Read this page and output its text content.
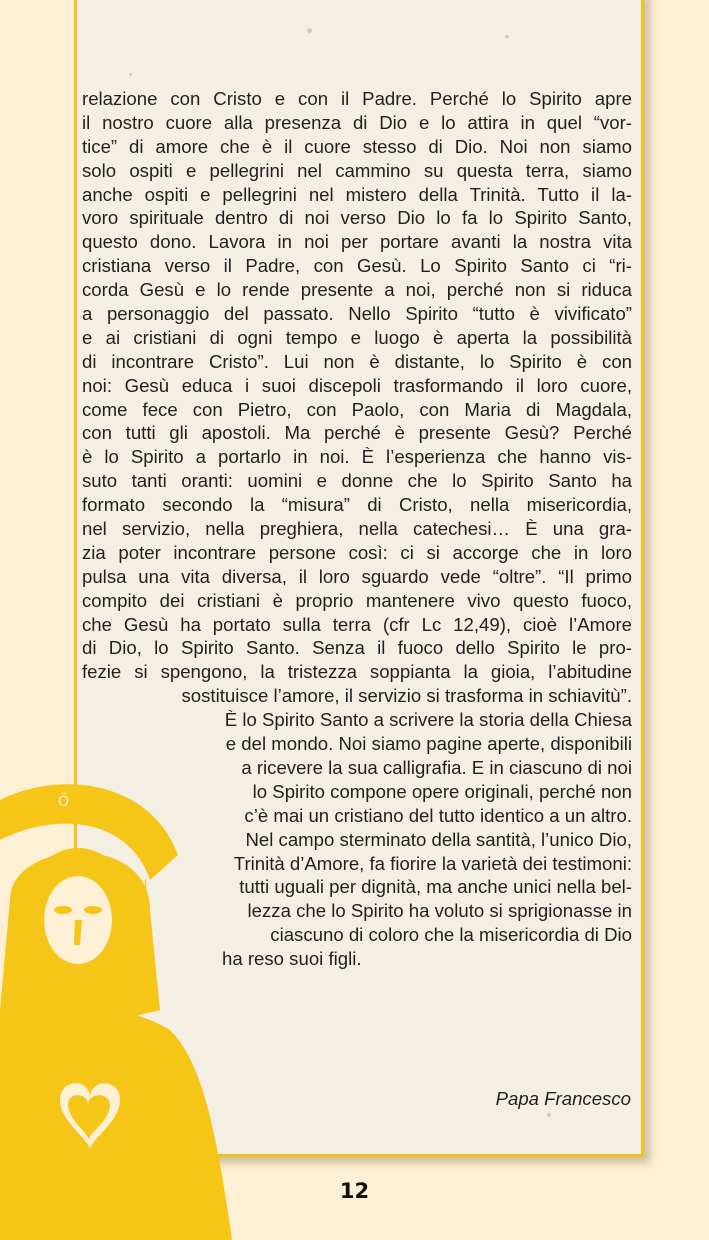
Ö
N
relazione con Cristo e con il Padre. Perché lo Spirito apre
il nostro cuore alla presenza di Dio e lo attira in quel “vor-
tice” di amore che è il cuore stesso di Dio. Noi non siamo
solo ospiti e pellegrini nel cammino su questa terra, siamo
anche ospiti e pellegrini nel mistero della Trinità. Tutto il la-
voro spirituale dentro di noi verso Dio lo fa lo Spirito Santo,
questo dono. Lavora in noi per portare avanti la nostra vita
cristiana verso il Padre, con Gesù. Lo Spirito Santo ci “ri-
corda Gesù e lo rende presente a noi, perché non si riduca
a personaggio del passato. Nello Spirito “tutto è vivificato”
e ai cristiani di ogni tempo e luogo è aperta la possibilità
di incontrare Cristo”. Lui non è distante, lo Spirito è con
noi: Gesù educa i suoi discepoli trasformando il loro cuore,
come fece con Pietro, con Paolo, con Maria di Magdala,
con tutti gli apostoli. Ma perché è presente Gesù? Perché
è lo Spirito a portarlo in noi. È l’esperienza che hanno vis-
suto tanti oranti: uomini e donne che lo Spirito Santo ha
formato secondo la “misura” di Cristo, nella misericordia,
nel servizio, nella preghiera, nella catechesi… È una gra-
zia poter incontrare persone così: ci si accorge che in loro
pulsa una vita diversa, il loro sguardo vede “oltre”. “Il primo
compito dei cristiani è proprio mantenere vivo questo fuoco,
che Gesù ha portato sulla terra (cfr Lc 12,49), cioè l’Amore
di Dio, lo Spirito Santo. Senza il fuoco dello Spirito le pro-
fezie si spengono, la tristezza soppianta la gioia, l’abitudine
sostituisce l’amore, il servizio si trasforma in schiavitù”.
È lo Spirito Santo a scrivere la storia della Chiesa
e del mondo. Noi siamo pagine aperte, disponibili
a ricevere la sua calligrafia. E in ciascuno di noi
lo Spirito compone opere originali, perché non
c’è mai un cristiano del tutto identico a un altro.
Nel campo sterminato della santità, l’unico Dio,
Trinità d’Amore, fa fiorire la varietà dei testimoni:
tutti uguali per dignità, ma anche unici nella bel-
lezza che lo Spirito ha voluto si sprigionasse in
ciascuno di coloro che la misericordia di Dio
ha reso suoi figli.
Papa Francesco
12
